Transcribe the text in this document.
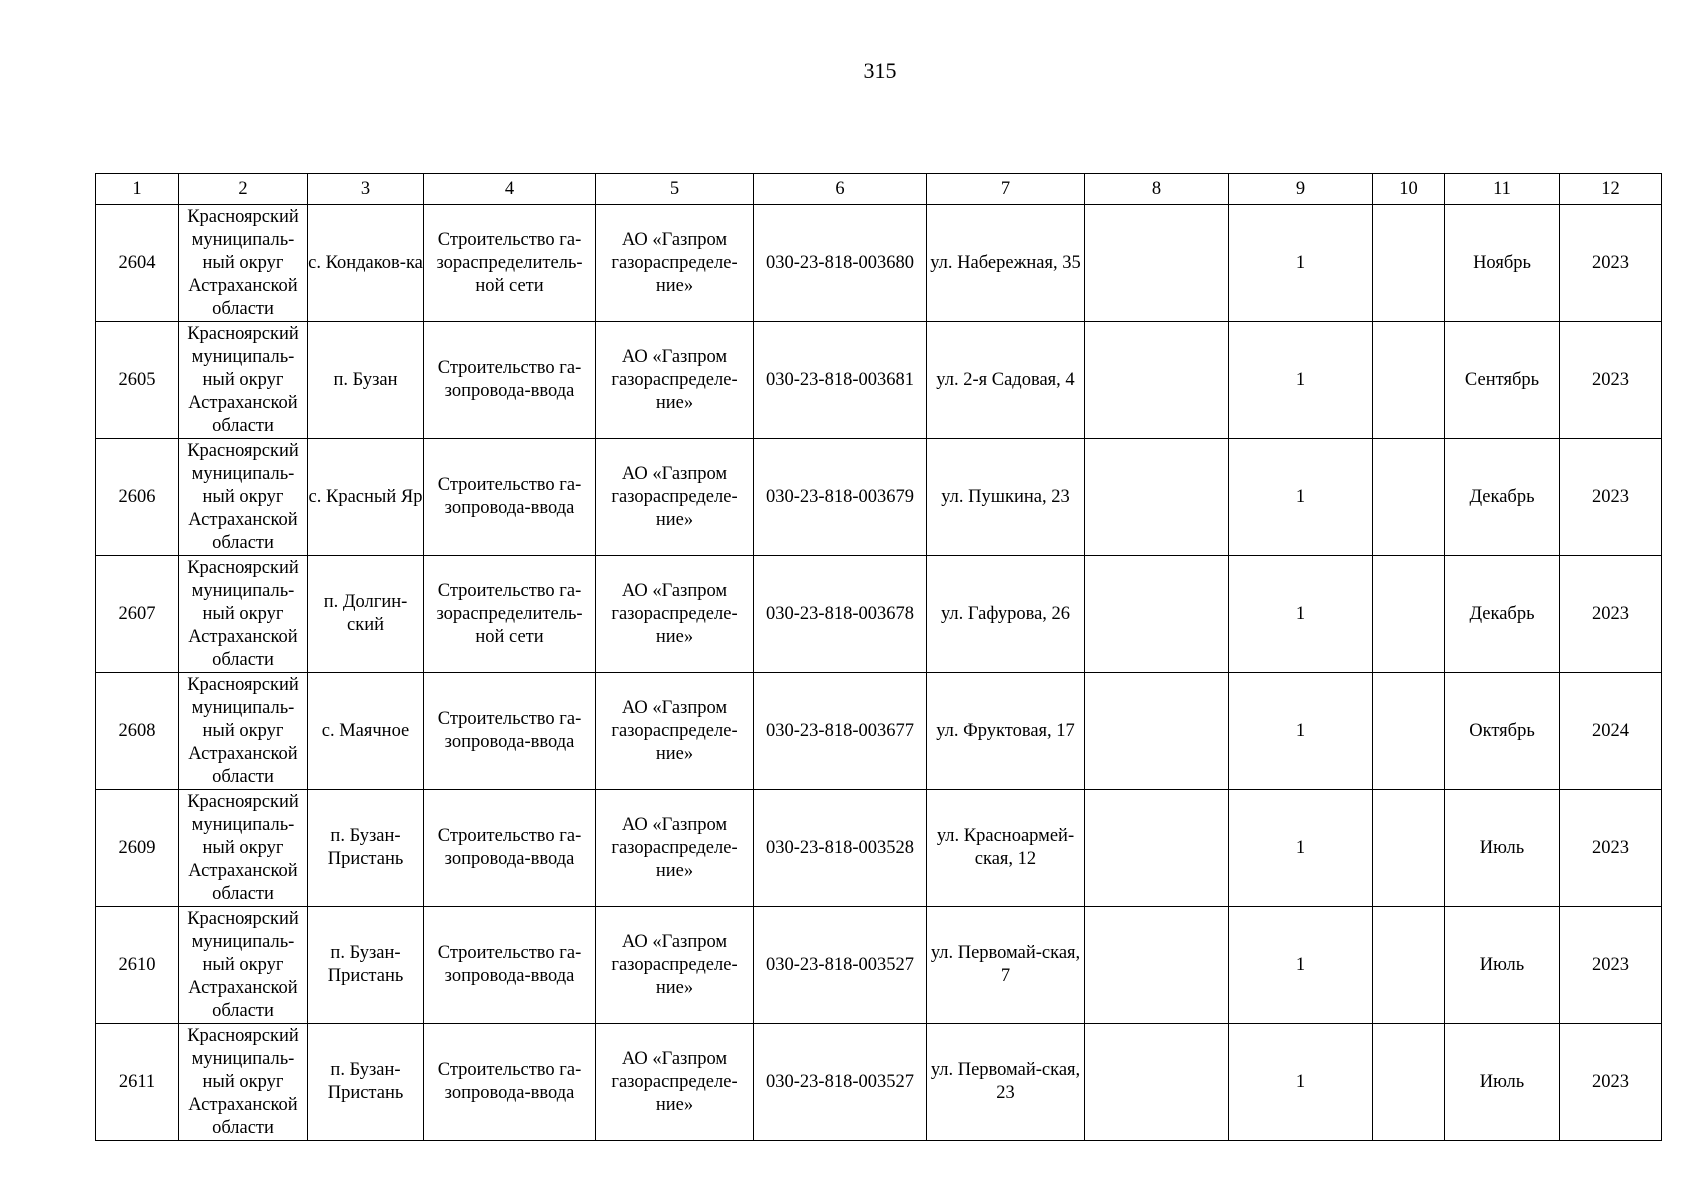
315
1	2	3	4	5	6	7	8	9	10	11	12
2604	Красноярский муниципаль-ный округ Астраханской области	с. Кондаков-ка	Строительство га-зораспределитель-ной сети	АО «Газпром газораспределе-ние»	030-23-818-003680	ул. Набережная, 35		1		Ноябрь	2023
2605	Красноярский муниципаль-ный округ Астраханской области	п. Бузан	Строительство га-зопровода-ввода	АО «Газпром газораспределе-ние»	030-23-818-003681	ул. 2-я Садовая, 4		1		Сентябрь	2023
2606	Красноярский муниципаль-ный округ Астраханской области	с. Красный Яр	Строительство га-зопровода-ввода	АО «Газпром газораспределе-ние»	030-23-818-003679	ул. Пушкина, 23		1		Декабрь	2023
2607	Красноярский муниципаль-ный округ Астраханской области	п. Долгин-ский	Строительство га-зораспределитель-ной сети	АО «Газпром газораспределе-ние»	030-23-818-003678	ул. Гафурова, 26		1		Декабрь	2023
2608	Красноярский муниципаль-ный округ Астраханской области	с. Маячное	Строительство га-зопровода-ввода	АО «Газпром газораспределе-ние»	030-23-818-003677	ул. Фруктовая, 17		1		Октябрь	2024
2609	Красноярский муниципаль-ный округ Астраханской области	п. Бузан-Пристань	Строительство га-зопровода-ввода	АО «Газпром газораспределе-ние»	030-23-818-003528	ул. Красноармей-ская, 12		1		Июль	2023
2610	Красноярский муниципаль-ный округ Астраханской области	п. Бузан-Пристань	Строительство га-зопровода-ввода	АО «Газпром газораспределе-ние»	030-23-818-003527	ул. Первомай-ская, 7		1		Июль	2023
2611	Красноярский муниципаль-ный округ Астраханской области	п. Бузан-Пристань	Строительство га-зопровода-ввода	АО «Газпром газораспределе-ние»	030-23-818-003527	ул. Первомай-ская, 23		1		Июль	2023
